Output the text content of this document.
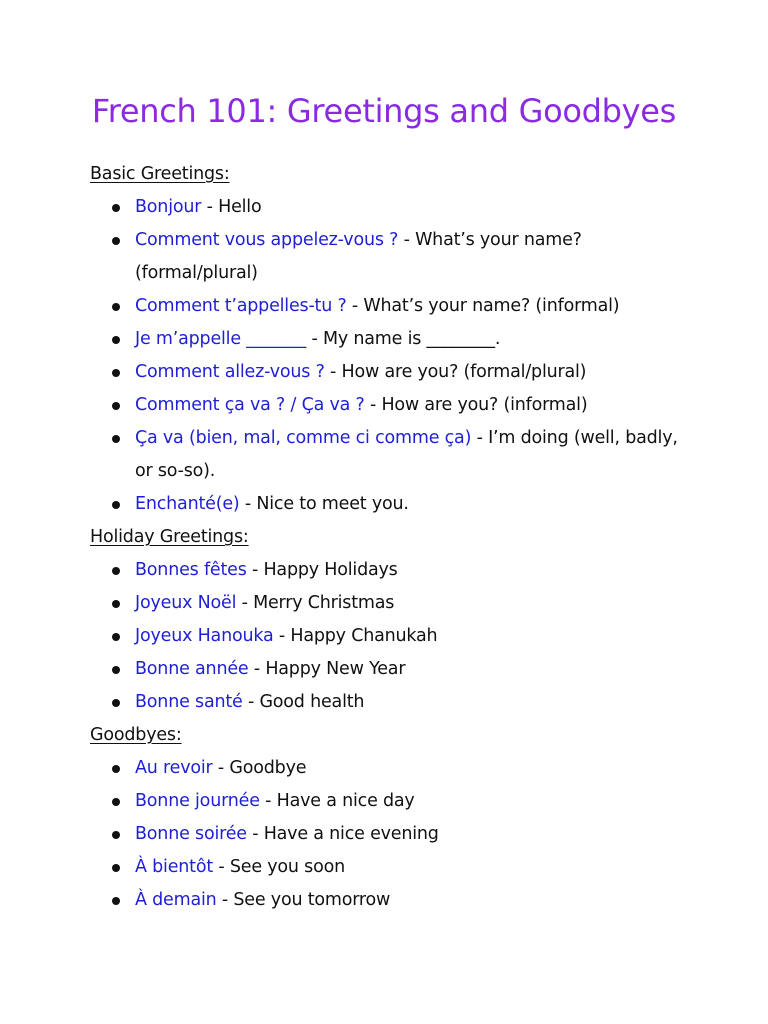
French 101: Greetings and Goodbyes
Basic Greetings:
Bonjour - Hello
Comment vous appelez-vous ? - What’s your name? (formal/plural)
Comment t’appelles-tu ? - What’s your name? (informal)
Je m’appelle _______ - My name is ________.
Comment allez-vous ? - How are you? (formal/plural)
Comment ça va ? / Ça va ? - How are you? (informal)
Ça va (bien, mal, comme ci comme ça) - I’m doing (well, badly, or so-so).
Enchanté(e) - Nice to meet you.
Holiday Greetings:
Bonnes fêtes - Happy Holidays
Joyeux Noël - Merry Christmas
Joyeux Hanouka - Happy Chanukah
Bonne année - Happy New Year
Bonne santé - Good health
Goodbyes:
Au revoir - Goodbye
Bonne journée - Have a nice day
Bonne soirée - Have a nice evening
À bientôt - See you soon
À demain - See you tomorrow
